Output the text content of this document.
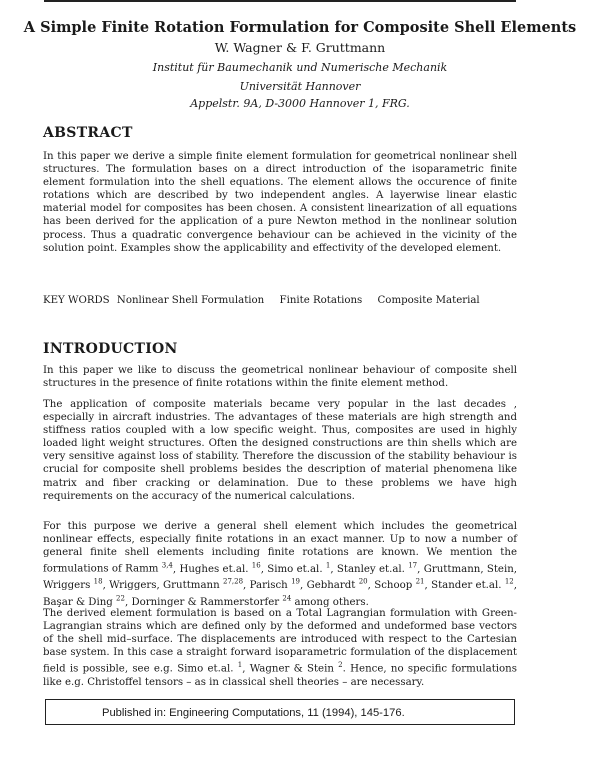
A Simple Finite Rotation Formulation for Composite Shell Elements
W. Wagner & F. Gruttmann
Institut für Baumechanik und Numerische Mechanik
Universität Hannover
Appelstr. 9A, D-3000 Hannover 1, FRG.
ABSTRACT

In this paper we derive a simple finite element formulation for geometrical nonlinear shell structures. The formulation bases on a direct introduction of the isoparametric finite element formulation into the shell equations. The element allows the occurence of finite rotations which are described by two independent angles. A layerwise linear elastic material model for composites has been chosen. A consistent linearization of all equations has been derived for the application of a pure Newton method in the nonlinear solution process. Thus a quadratic convergence behaviour can be achieved in the vicinity of the solution point. Examples show the applicability and effectivity of the developed element.

KEY WORDS Nonlinear Shell Formulation Finite Rotations Composite Material
INTRODUCTION

In this paper we like to discuss the geometrical nonlinear behaviour of composite shell structures in the presence of finite rotations within the finite element method.

The application of composite materials became very popular in the last decades , especially in aircraft industries. The advantages of these materials are high strength and stiffness ratios coupled with a low specific weight. Thus, composites are used in highly loaded light weight structures. Often the designed constructions are thin shells which are very sensitive against loss of stability. Therefore the discussion of the stability behaviour is crucial for composite shell problems besides the description of material phenomena like matrix and fiber cracking or delamination. Due to these problems we have high requirements on the accuracy of the numerical calculations.

For this purpose we derive a general shell element which includes the geometrical nonlinear effects, especially finite rotations in an exact manner. Up to now a number of general finite shell elements including finite rotations are known. We mention the formulations of Ramm $^{3,4}$, Hughes et.al. $^{16}$, Simo et.al. $^1$, Stanley et.al. $^{17}$, Gruttmann, Stein, Wriggers $^{18}$, Wriggers, Gruttmann $^{27,28}$, Parisch $^{19}$, Gebhardt $^{20}$, Schoop $^{21}$, Stander et.al. $^{12}$, Başar & Ding $^{22}$, Dorninger & Rammerstorfer $^{24}$ among others.

The derived element formulation is based on a Total Lagrangian formulation with Green-Lagrangian strains which are defined only by the deformed and undeformed base vectors of the shell mid–surface. The displacements are introduced with respect to the Cartesian base system. In this case a straight forward isoparametric formulation of the displacement field is possible, see e.g. Simo et.al. $^1$, Wagner & Stein $^2$. Hence, no specific formulations like e.g. Christoffel tensors – as in classical shell theories – are necessary.

Published in: Engineering Computations, 11 (1994), 145-176.
